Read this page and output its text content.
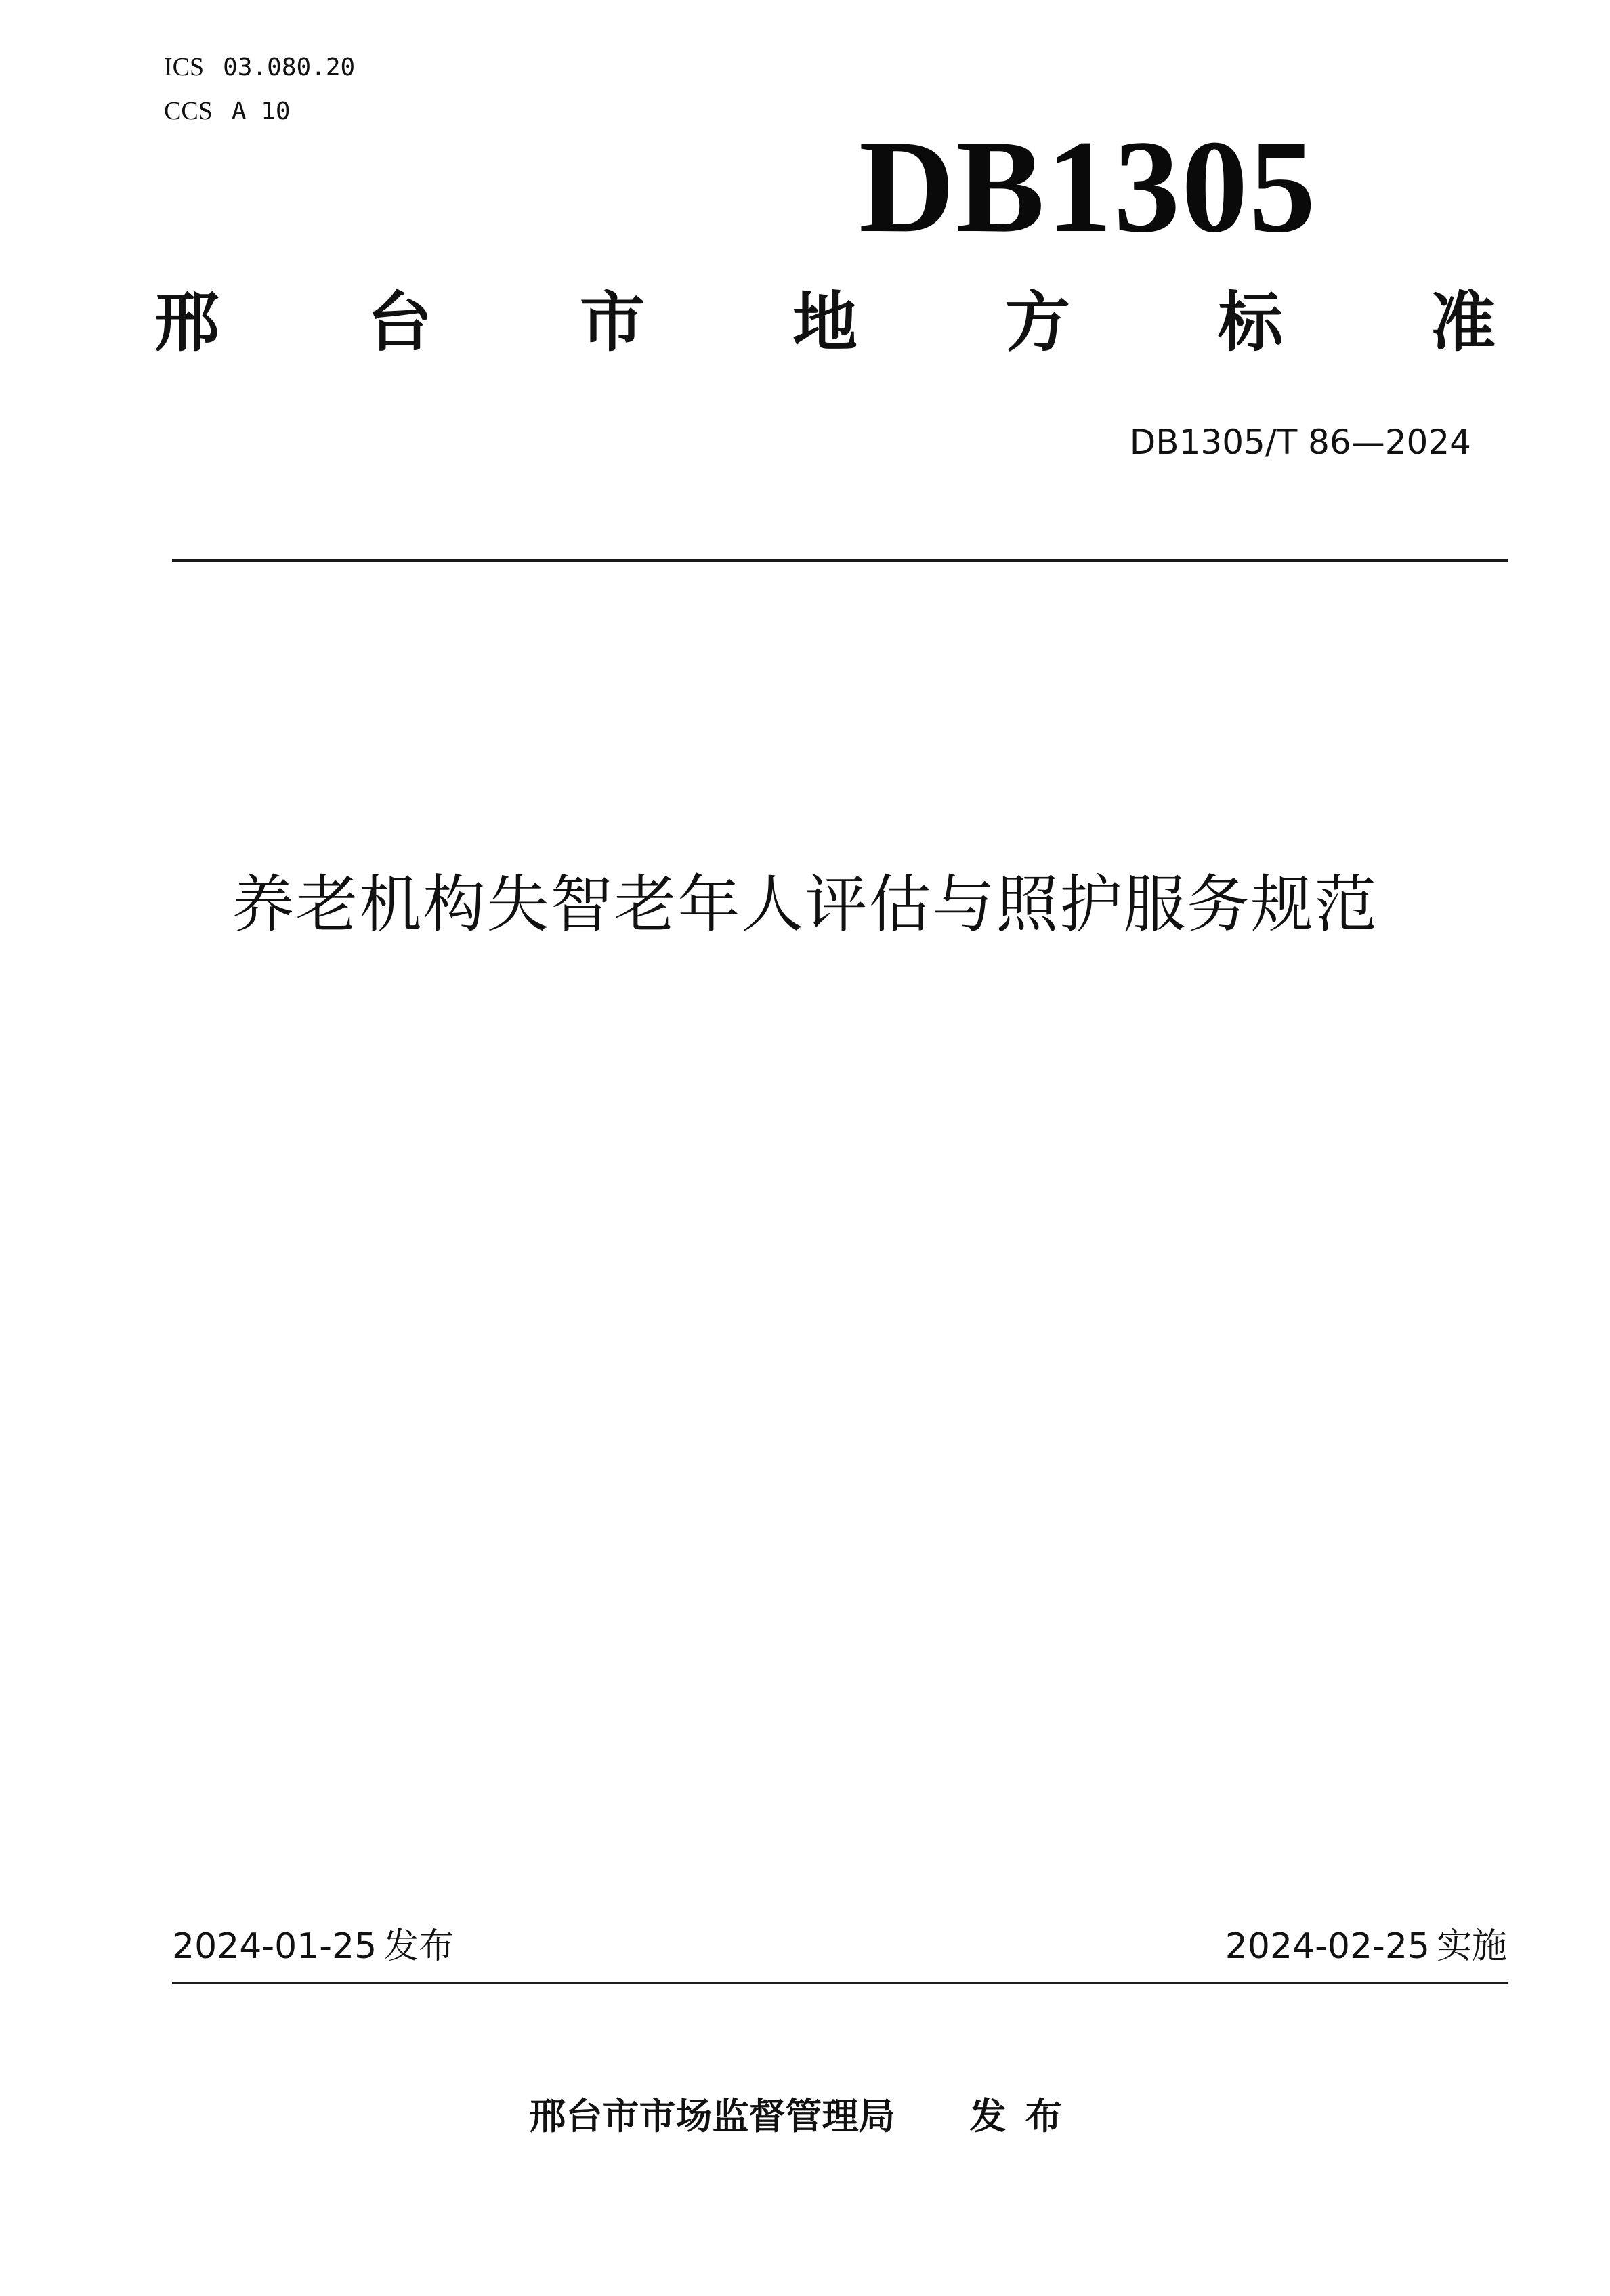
ICS 03.080.20
CCS A 10
DB1305
邢 台 市 地 方 标 准
DB1305/T 86—2024
养老机构失智老年人评估与照护服务规范
2024-01-25 发布	2024-02-25 实施
邢台市市场监督管理局 发布
